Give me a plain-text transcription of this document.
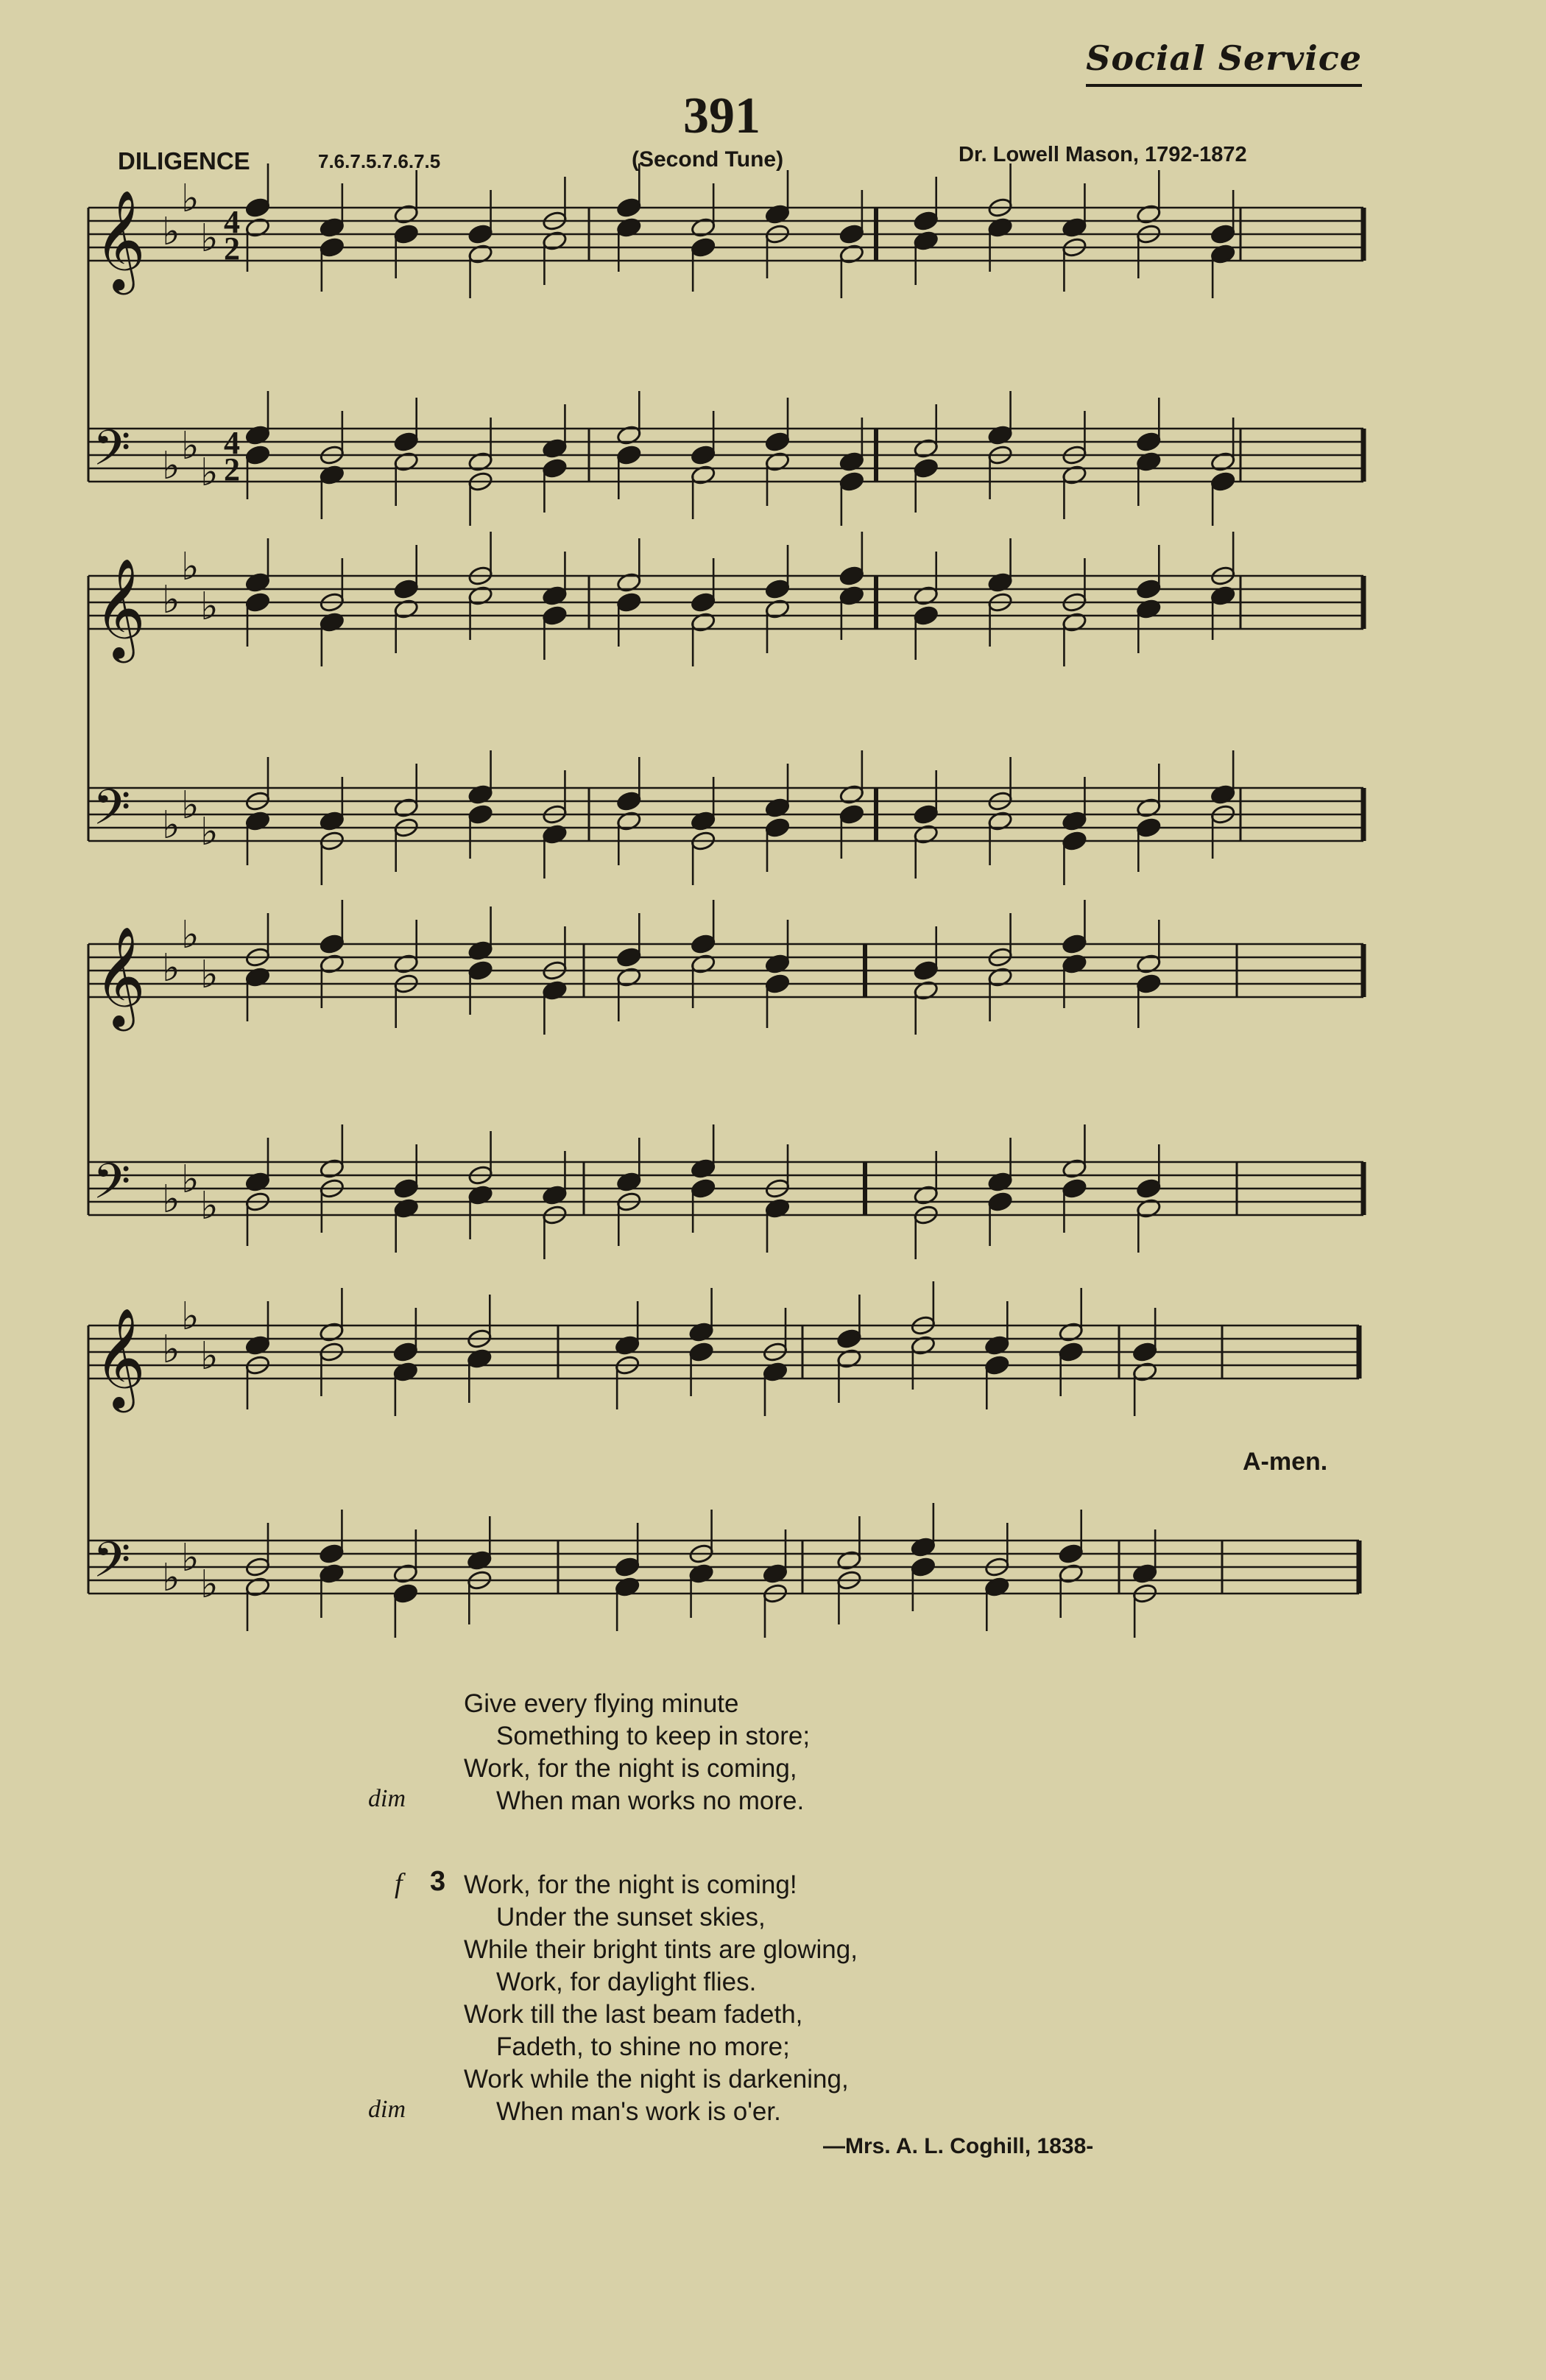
Social Service
391
DILIGENCE	7.6.7.5.7.6.7.5	(Second Tune)	Dr. Lowell Mason, 1792-1872
𝄞 ♭
♭
♭ 4
2
𝄢 ♭ ♭
♭
4
2
𝄞 ♭
♭
♭
𝄢 ♭ ♭
♭
𝄞 ♭
♭
♭
𝄢 ♭ ♭
♭
𝄞 ♭
♭
♭
𝄢 ♭ ♭
♭
A-men.
Give every flying minute
Something to keep in store;
Work, for the night is coming,
When man works no more.
dim
f 3 Work, for the night is coming!
Under the sunset skies,
While their bright tints are glowing,
Work, for daylight flies.
Work till the last beam fadeth,
Fadeth, to shine no more;
Work while the night is darkening,
When man's work is o'er.
dim
—Mrs. A. L. Coghill, 1838-
